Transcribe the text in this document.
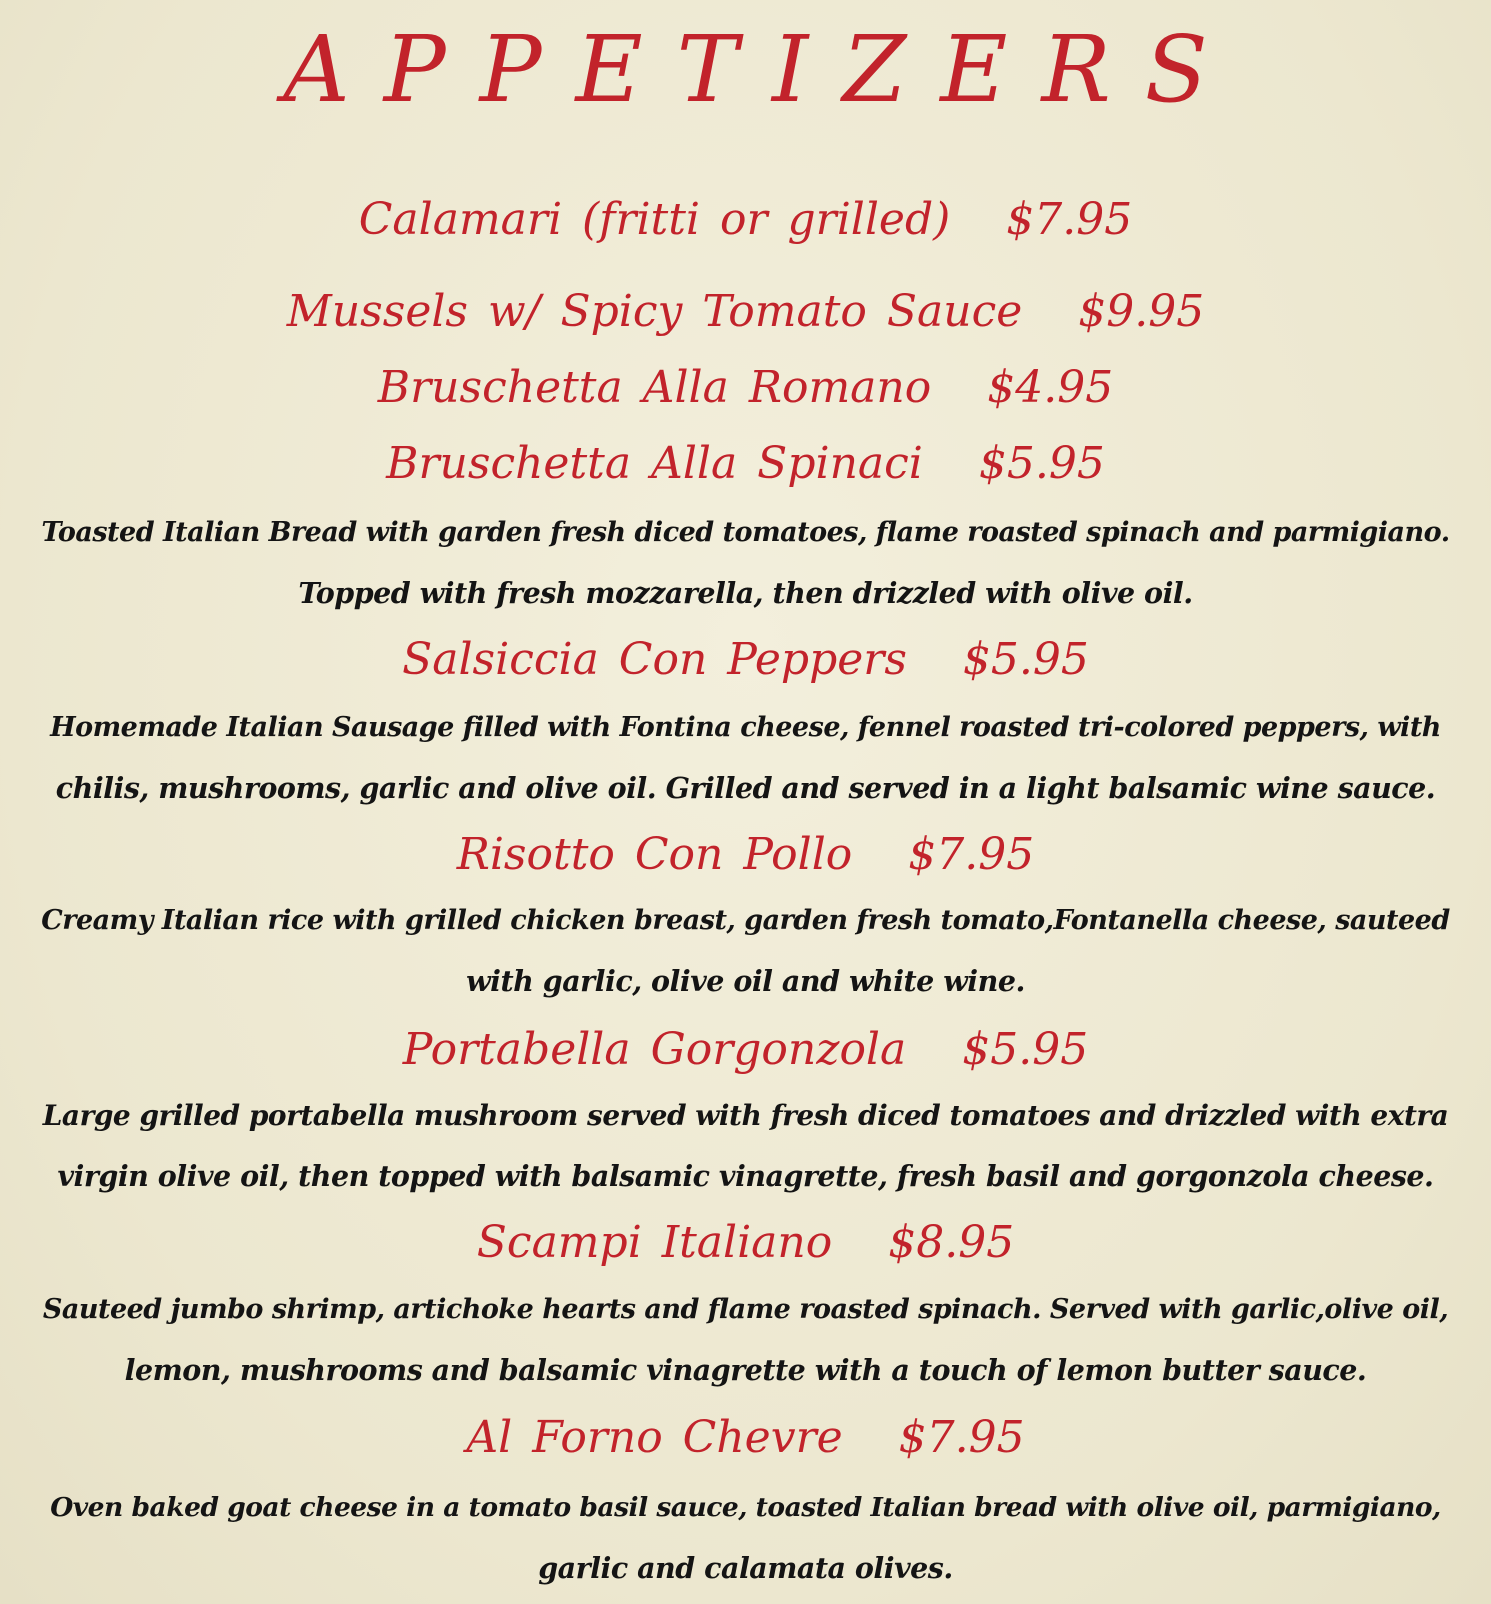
APPETIZERS
Calamari (fritti or grilled) $7.95
Mussels w/ Spicy Tomato Sauce $9.95
Bruschetta Alla Romano $4.95
Bruschetta Alla Spinaci $5.95
Toasted Italian Bread with garden fresh diced tomatoes, flame roasted spinach and parmigiano.
Topped with fresh mozzarella, then drizzled with olive oil.
Salsiccia Con Peppers $5.95
Homemade Italian Sausage filled with Fontina cheese, fennel roasted tri-colored peppers, with
chilis, mushrooms, garlic and olive oil. Grilled and served in a light balsamic wine sauce.
Risotto Con Pollo $7.95
Creamy Italian rice with grilled chicken breast, garden fresh tomato,Fontanella cheese, sauteed
with garlic, olive oil and white wine.
Portabella Gorgonzola $5.95
Large grilled portabella mushroom served with fresh diced tomatoes and drizzled with extra
virgin olive oil, then topped with balsamic vinagrette, fresh basil and gorgonzola cheese.
Scampi Italiano $8.95
Sauteed jumbo shrimp, artichoke hearts and flame roasted spinach. Served with garlic,olive oil,
lemon, mushrooms and balsamic vinagrette with a touch of lemon butter sauce.
Al Forno Chevre $7.95
Oven baked goat cheese in a tomato basil sauce, toasted Italian bread with olive oil, parmigiano,
garlic and calamata olives.
